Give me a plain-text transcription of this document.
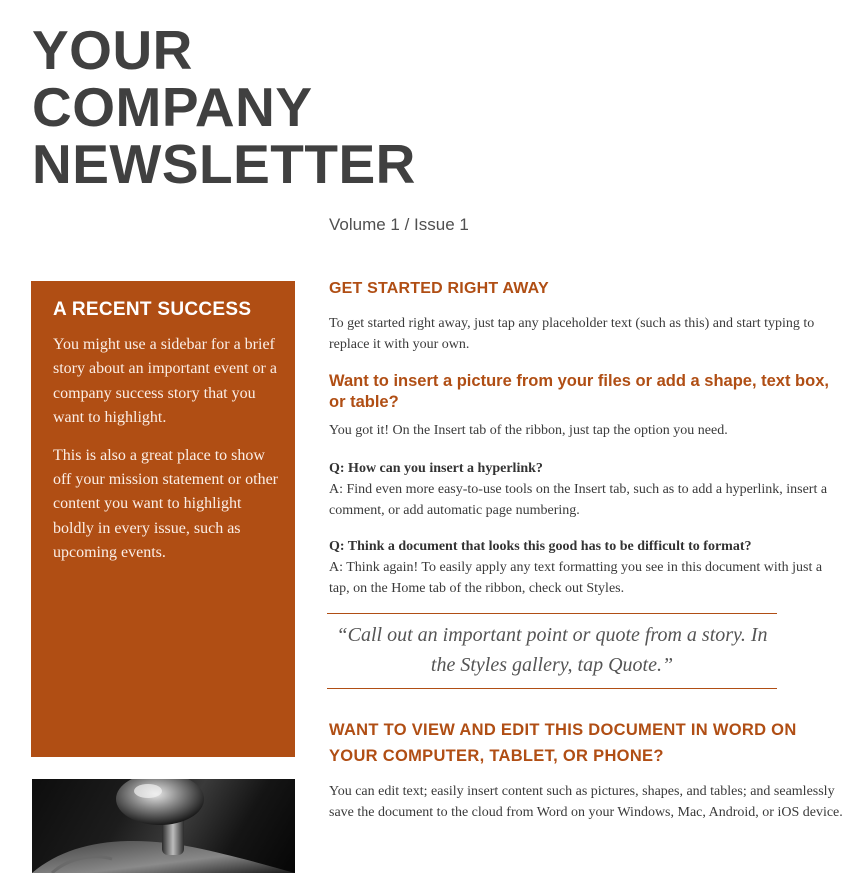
YOUR
COMPANY
NEWSLETTER
Volume 1 / Issue 1
A RECENT SUCCESS

You might use a sidebar for a brief story about an important event or a company success story that you want to highlight.

This is also a great place to show off your mission statement or other content you want to highlight boldly in every issue, such as upcoming events.

GET STARTED RIGHT AWAY

To get started right away, just tap any placeholder text (such as this) and start typing to replace it with your own.

Want to insert a picture from your files or add a shape, text box, or table?

You got it! On the Insert tab of the ribbon, just tap the option you need.

Q: How can you insert a hyperlink?

A: Find even more easy-to-use tools on the Insert tab, such as to add a hyperlink, insert a comment, or add automatic page numbering.

Q: Think a document that looks this good has to be difficult to format?

A: Think again! To easily apply any text formatting you see in this document with just a tap, on the Home tab of the ribbon, check out Styles.

“Call out an important point or quote from a story. In the Styles gallery, tap Quote.”
WANT TO VIEW AND EDIT THIS DOCUMENT IN WORD ON YOUR COMPUTER, TABLET, OR PHONE?

You can edit text; easily insert content such as pictures, shapes, and tables; and seamlessly save the document to the cloud from Word on your Windows, Mac, Android, or iOS device.
